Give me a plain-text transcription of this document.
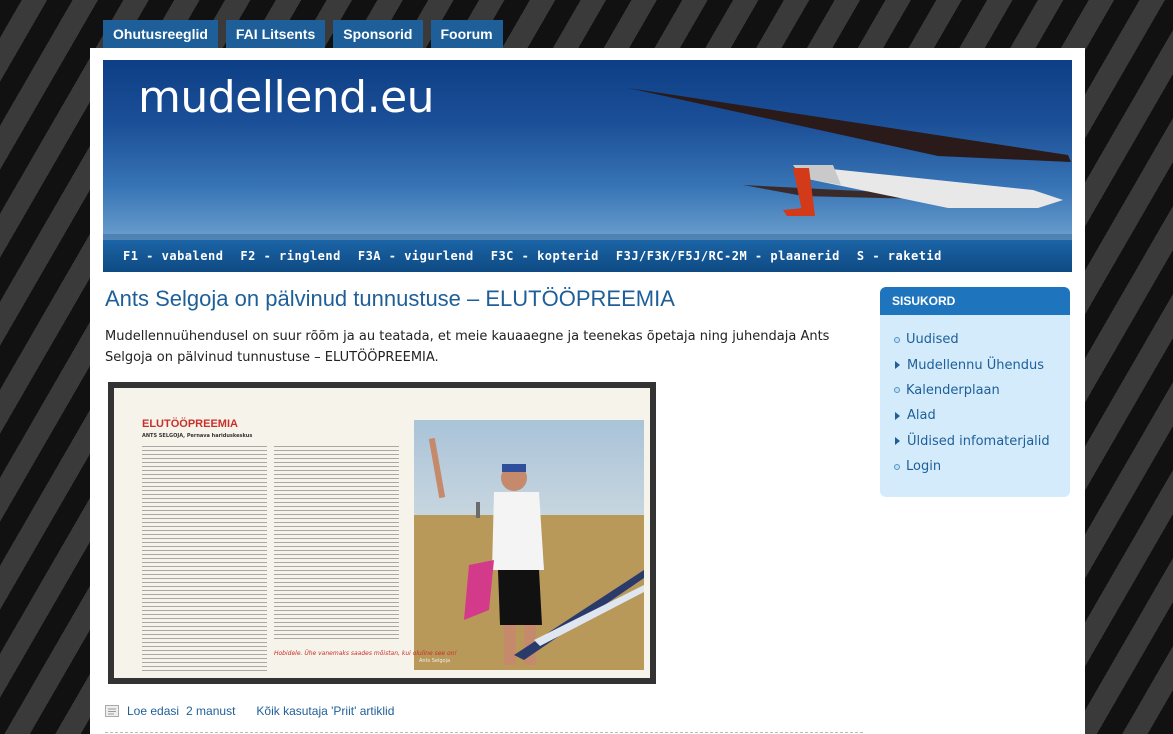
Ohutusreeglid	FAI Litsents	Sponsorid	Foorum
mudellend.eu
F1 - vabalend F2 - ringlend F3A - vigurlend F3C - kopterid F3J/F3K/F5J/RC-2M - plaanerid S - raketid
Ants Selgoja on pälvinud tunnustuse – ELUTÖÖPREEMIA

Mudellennuühendusel on suur rõõm ja au teatada, et meie kauaaegne ja teenekas õpetaja ning juhendaja Ants Selgoja on pälvinud tunnustuse – ELUTÖÖPREEMIA.

ELUTÖÖPREEMIA
ANTS SELGOJA, Pernava hariduskeskus
Hobidele. Ühe vanemaks saades mõistan, kui oluline see on!
Ants Selgoja
Loe edasi 2 manust Kõik kasutaja 'Priit' artiklid
SISUKORD
Uudised
Mudellennu Ühendus
Kalenderplaan
Alad
Üldised infomaterjalid
Login
